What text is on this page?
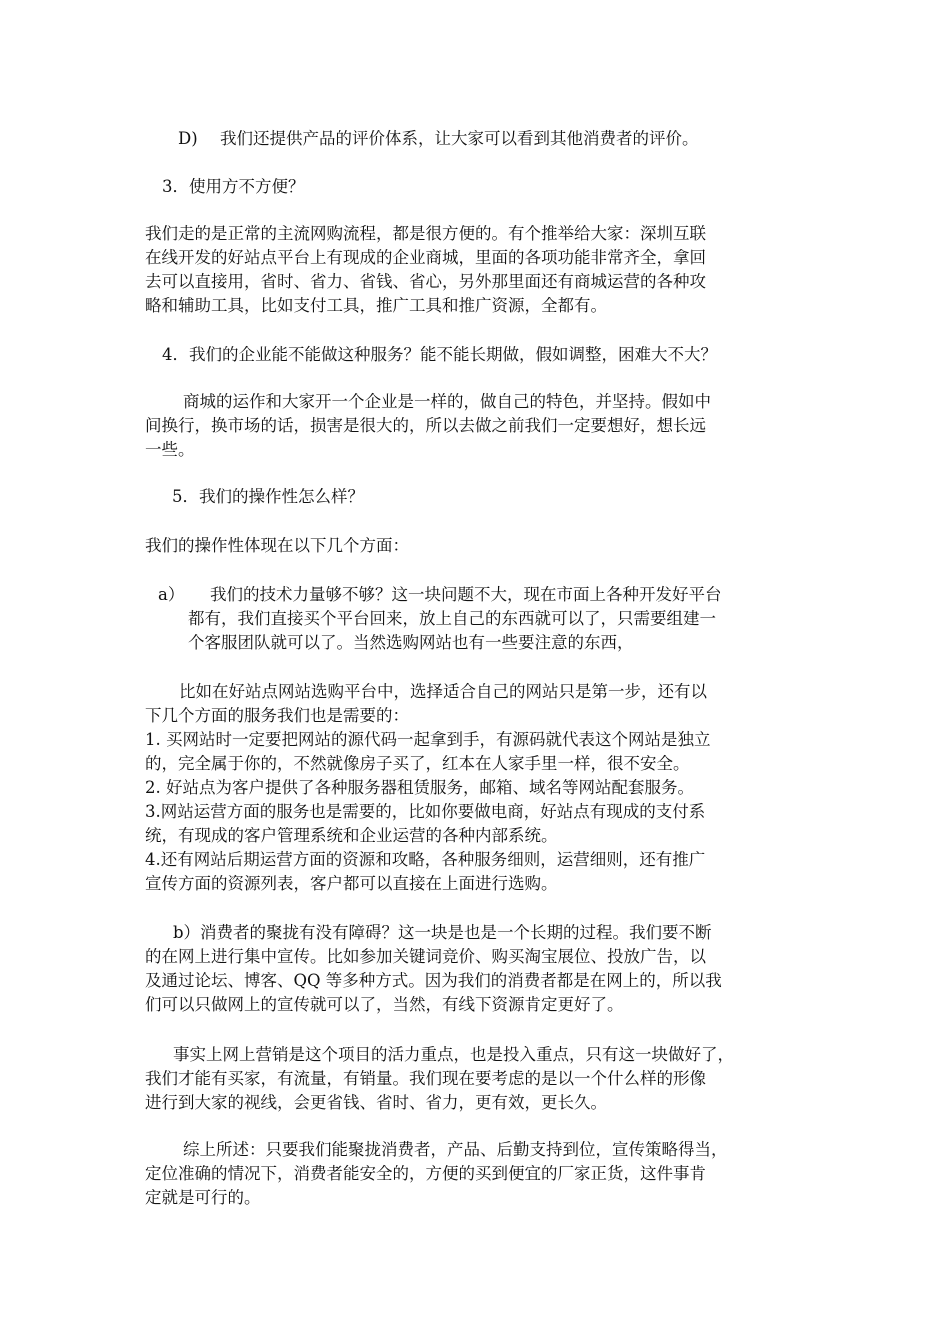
D) 我们还提供产品的评价体系，让大家可以看到其他消费者的评价。

3．使用方不方便？

我们走的是正常的主流网购流程，都是很方便的。有个推举给大家：深圳互联
在线开发的好站点平台上有现成的企业商城，里面的各项功能非常齐全，拿回
去可以直接用，省时、省力、省钱、省心，另外那里面还有商城运营的各种攻
略和辅助工具，比如支付工具，推广工具和推广资源，全都有。

4．我们的企业能不能做这种服务？能不能长期做，假如调整，困难大不大？

商城的运作和大家开一个企业是一样的，做自己的特色，并坚持。假如中
间换行，换市场的话，损害是很大的，所以去做之前我们一定要想好，想长远
一些。

5．我们的操作性怎么样？

我们的操作性体现在以下几个方面：

a） 我们的技术力量够不够？这一块问题不大，现在市面上各种开发好平台
都有，我们直接买个平台回来，放上自己的东西就可以了，只需要组建一
个客服团队就可以了。当然选购网站也有一些要注意的东西，
比如在好站点网站选购平台中，选择适合自己的网站只是第一步，还有以
下几个方面的服务我们也是需要的：
1. 买网站时一定要把网站的源代码一起拿到手，有源码就代表这个网站是独立
的，完全属于你的，不然就像房子买了，红本在人家手里一样，很不安全。
2. 好站点为客户提供了各种服务器租赁服务，邮箱、域名等网站配套服务。
3.网站运营方面的服务也是需要的，比如你要做电商，好站点有现成的支付系
统，有现成的客户管理系统和企业运营的各种内部系统。
4.还有网站后期运营方面的资源和攻略，各种服务细则，运营细则，还有推广
宣传方面的资源列表，客户都可以直接在上面进行选购。
b）消费者的聚拢有没有障碍？这一块是也是一个长期的过程。我们要不断
的在网上进行集中宣传。比如参加关键词竞价、购买淘宝展位、投放广告，以
及通过论坛、博客、QQ 等多种方式。因为我们的消费者都是在网上的，所以我
们可以只做网上的宣传就可以了，当然，有线下资源肯定更好了。
事实上网上营销是这个项目的活力重点，也是投入重点，只有这一块做好了，
我们才能有买家，有流量，有销量。我们现在要考虑的是以一个什么样的形像
进行到大家的视线，会更省钱、省时、省力，更有效，更长久。
综上所述：只要我们能聚拢消费者，产品、后勤支持到位，宣传策略得当，
定位准确的情况下，消费者能安全的，方便的买到便宜的厂家正货，这件事肯
定就是可行的。
